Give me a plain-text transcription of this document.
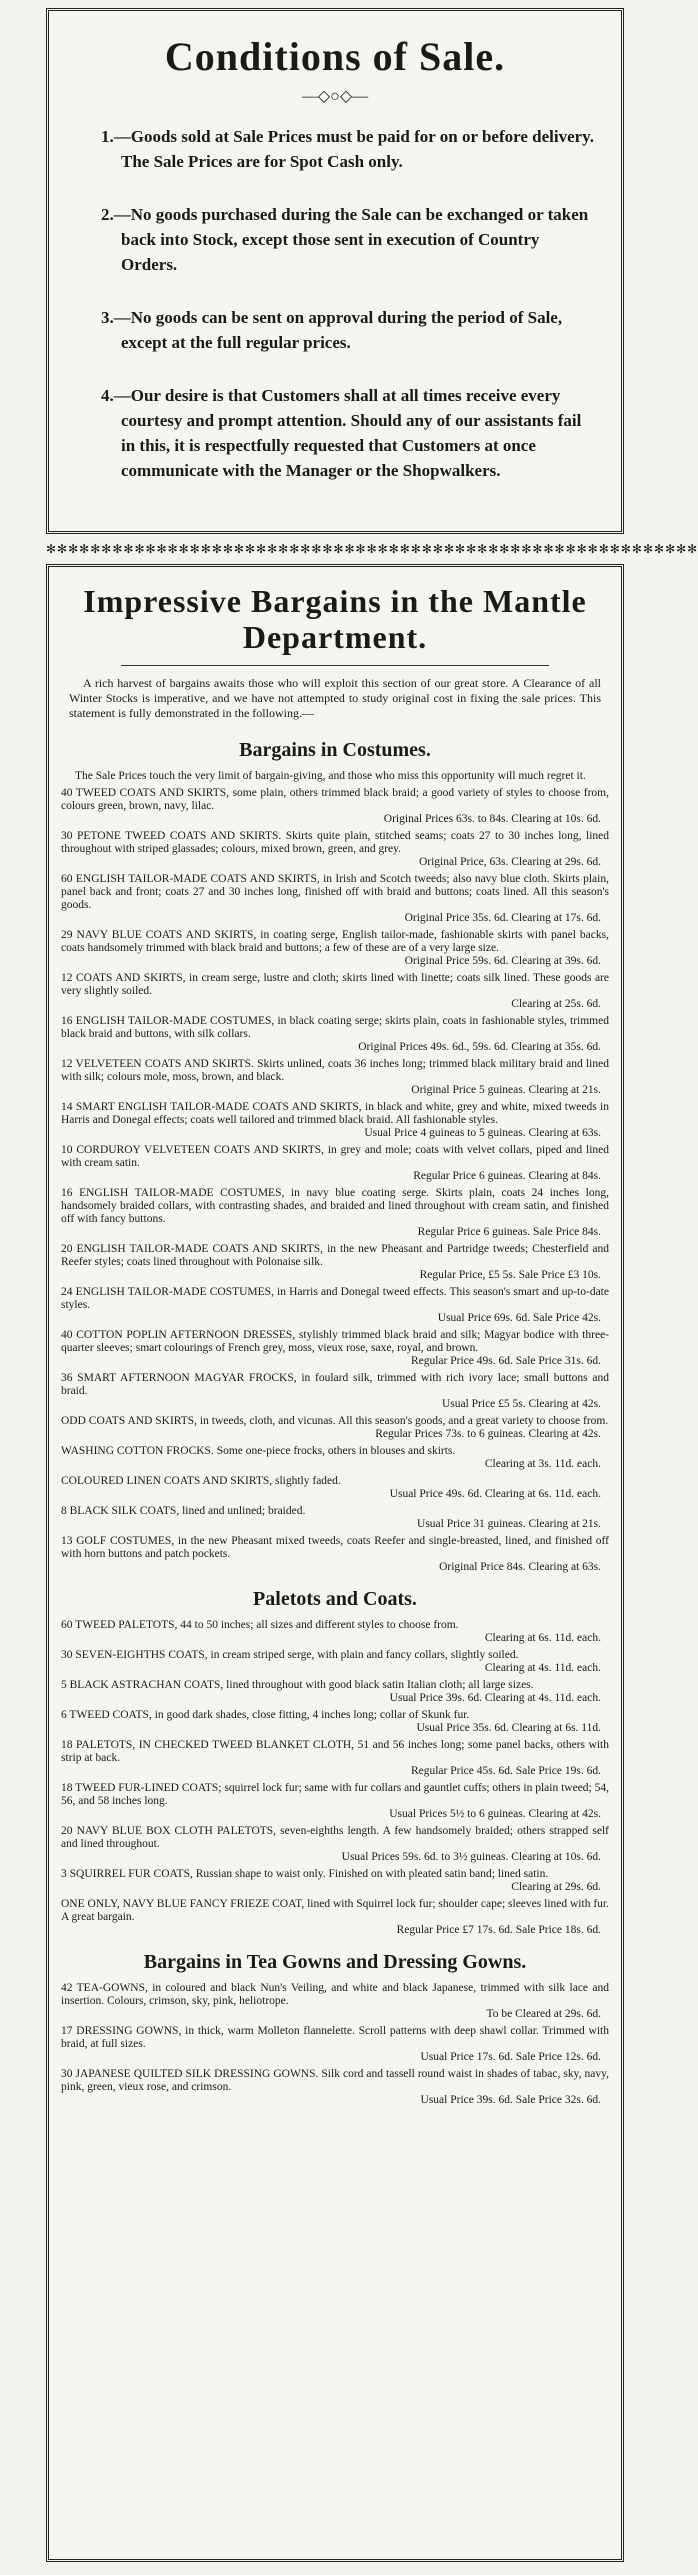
Conditions of Sale.
—◇○◇—

1.—Goods sold at Sale Prices must be paid for on or before delivery. The Sale Prices are for Spot Cash only.

2.—No goods purchased during the Sale can be exchanged or taken back into Stock, except those sent in execution of Country Orders.

3.—No goods can be sent on approval during the period of Sale, except at the full regular prices.

4.—Our desire is that Customers shall at all times receive every courtesy and prompt attention. Should any of our assistants fail in this, it is respectfully requested that Customers at once communicate with the Manager or the Shopwalkers.

✻✻✻✻✻✻✻✻✻✻✻✻✻✻✻✻✻✻✻✻✻✻✻✻✻✻✻✻✻✻✻✻✻✻✻✻✻✻✻✻✻✻✻✻✻✻✻✻✻✻✻✻✻✻✻✻✻✻✻
Impressive Bargains in the Mantle Department.

A rich harvest of bargains awaits those who will exploit this section of our great store. A Clearance of all Winter Stocks is imperative, and we have not attempted to study original cost in fixing the sale prices. This statement is fully demonstrated in the following.—

Bargains in Costumes.

The Sale Prices touch the very limit of bargain-giving, and those who miss this opportunity will much regret it.

40 TWEED COATS AND SKIRTS, some plain, others trimmed black braid; a good variety of styles to choose from, colours green, brown, navy, lilac.
Original Prices 63s. to 84s. Clearing at 10s. 6d.
30 PETONE TWEED COATS AND SKIRTS. Skirts quite plain, stitched seams; coats 27 to 30 inches long, lined throughout with striped glassades; colours, mixed brown, green, and grey.
Original Price, 63s. Clearing at 29s. 6d.
60 ENGLISH TAILOR-MADE COATS AND SKIRTS, in Irish and Scotch tweeds; also navy blue cloth. Skirts plain, panel back and front; coats 27 and 30 inches long, finished off with braid and buttons; coats lined. All this season's goods.
Original Price 35s. 6d. Clearing at 17s. 6d.
29 NAVY BLUE COATS AND SKIRTS, in coating serge, English tailor-made, fashionable skirts with panel backs, coats handsomely trimmed with black braid and buttons; a few of these are of a very large size.
Original Price 59s. 6d. Clearing at 39s. 6d.
12 COATS AND SKIRTS, in cream serge, lustre and cloth; skirts lined with linette; coats silk lined. These goods are very slightly soiled.
Clearing at 25s. 6d.
16 ENGLISH TAILOR-MADE COSTUMES, in black coating serge; skirts plain, coats in fashionable styles, trimmed black braid and buttons, with silk collars.
Original Prices 49s. 6d., 59s. 6d. Clearing at 35s. 6d.
12 VELVETEEN COATS AND SKIRTS. Skirts unlined, coats 36 inches long; trimmed black military braid and lined with silk; colours mole, moss, brown, and black.
Original Price 5 guineas. Clearing at 21s.
14 SMART ENGLISH TAILOR-MADE COATS AND SKIRTS, in black and white, grey and white, mixed tweeds in Harris and Donegal effects; coats well tailored and trimmed black braid. All fashionable styles.
Usual Price 4 guineas to 5 guineas. Clearing at 63s.
10 CORDUROY VELVETEEN COATS AND SKIRTS, in grey and mole; coats with velvet collars, piped and lined with cream satin.
Regular Price 6 guineas. Clearing at 84s.
16 ENGLISH TAILOR-MADE COSTUMES, in navy blue coating serge. Skirts plain, coats 24 inches long, handsomely braided collars, with contrasting shades, and braided and lined throughout with cream satin, and finished off with fancy buttons.
Regular Price 6 guineas. Sale Price 84s.
20 ENGLISH TAILOR-MADE COATS AND SKIRTS, in the new Pheasant and Partridge tweeds; Chesterfield and Reefer styles; coats lined throughout with Polonaise silk.
Regular Price, £5 5s. Sale Price £3 10s.
24 ENGLISH TAILOR-MADE COSTUMES, in Harris and Donegal tweed effects. This season's smart and up-to-date styles.
Usual Price 69s. 6d. Sale Price 42s.
40 COTTON POPLIN AFTERNOON DRESSES, stylishly trimmed black braid and silk; Magyar bodice with three-quarter sleeves; smart colourings of French grey, moss, vieux rose, saxe, royal, and brown.
Regular Price 49s. 6d. Sale Price 31s. 6d.
36 SMART AFTERNOON MAGYAR FROCKS, in foulard silk, trimmed with rich ivory lace; small buttons and braid.
Usual Price £5 5s. Clearing at 42s.
ODD COATS AND SKIRTS, in tweeds, cloth, and vicunas. All this season's goods, and a great variety to choose from.
Regular Prices 73s. to 6 guineas. Clearing at 42s.
WASHING COTTON FROCKS. Some one-piece frocks, others in blouses and skirts.
Clearing at 3s. 11d. each.
COLOURED LINEN COATS AND SKIRTS, slightly faded.
Usual Price 49s. 6d. Clearing at 6s. 11d. each.
8 BLACK SILK COATS, lined and unlined; braided.
Usual Price 31 guineas. Clearing at 21s.
13 GOLF COSTUMES, in the new Pheasant mixed tweeds, coats Reefer and single-breasted, lined, and finished off with horn buttons and patch pockets.
Original Price 84s. Clearing at 63s.
Paletots and Coats.
60 TWEED PALETOTS, 44 to 50 inches; all sizes and different styles to choose from.
Clearing at 6s. 11d. each.
30 SEVEN-EIGHTHS COATS, in cream striped serge, with plain and fancy collars, slightly soiled.
Clearing at 4s. 11d. each.
5 BLACK ASTRACHAN COATS, lined throughout with good black satin Italian cloth; all large sizes.
Usual Price 39s. 6d. Clearing at 4s. 11d. each.
6 TWEED COATS, in good dark shades, close fitting, 4 inches long; collar of Skunk fur.
Usual Price 35s. 6d. Clearing at 6s. 11d.
18 PALETOTS, IN CHECKED TWEED BLANKET CLOTH, 51 and 56 inches long; some panel backs, others with strip at back.
Regular Price 45s. 6d. Sale Price 19s. 6d.
18 TWEED FUR-LINED COATS; squirrel lock fur; same with fur collars and gauntlet cuffs; others in plain tweed; 54, 56, and 58 inches long.
Usual Prices 5½ to 6 guineas. Clearing at 42s.
20 NAVY BLUE BOX CLOTH PALETOTS, seven-eighths length. A few handsomely braided; others strapped self and lined throughout.
Usual Prices 59s. 6d. to 3½ guineas. Clearing at 10s. 6d.
3 SQUIRREL FUR COATS, Russian shape to waist only. Finished on with pleated satin band; lined satin.
Clearing at 29s. 6d.
ONE ONLY, NAVY BLUE FANCY FRIEZE COAT, lined with Squirrel lock fur; shoulder cape; sleeves lined with fur. A great bargain.
Regular Price £7 17s. 6d. Sale Price 18s. 6d.
Bargains in Tea Gowns and Dressing Gowns.
42 TEA-GOWNS, in coloured and black Nun's Veiling, and white and black Japanese, trimmed with silk lace and insertion. Colours, crimson, sky, pink, heliotrope.
To be Cleared at 29s. 6d.
17 DRESSING GOWNS, in thick, warm Molleton flannelette. Scroll patterns with deep shawl collar. Trimmed with braid, at full sizes.
Usual Price 17s. 6d. Sale Price 12s. 6d.
30 JAPANESE QUILTED SILK DRESSING GOWNS. Silk cord and tassell round waist in shades of tabac, sky, navy, pink, green, vieux rose, and crimson.
Usual Price 39s. 6d. Sale Price 32s. 6d.
